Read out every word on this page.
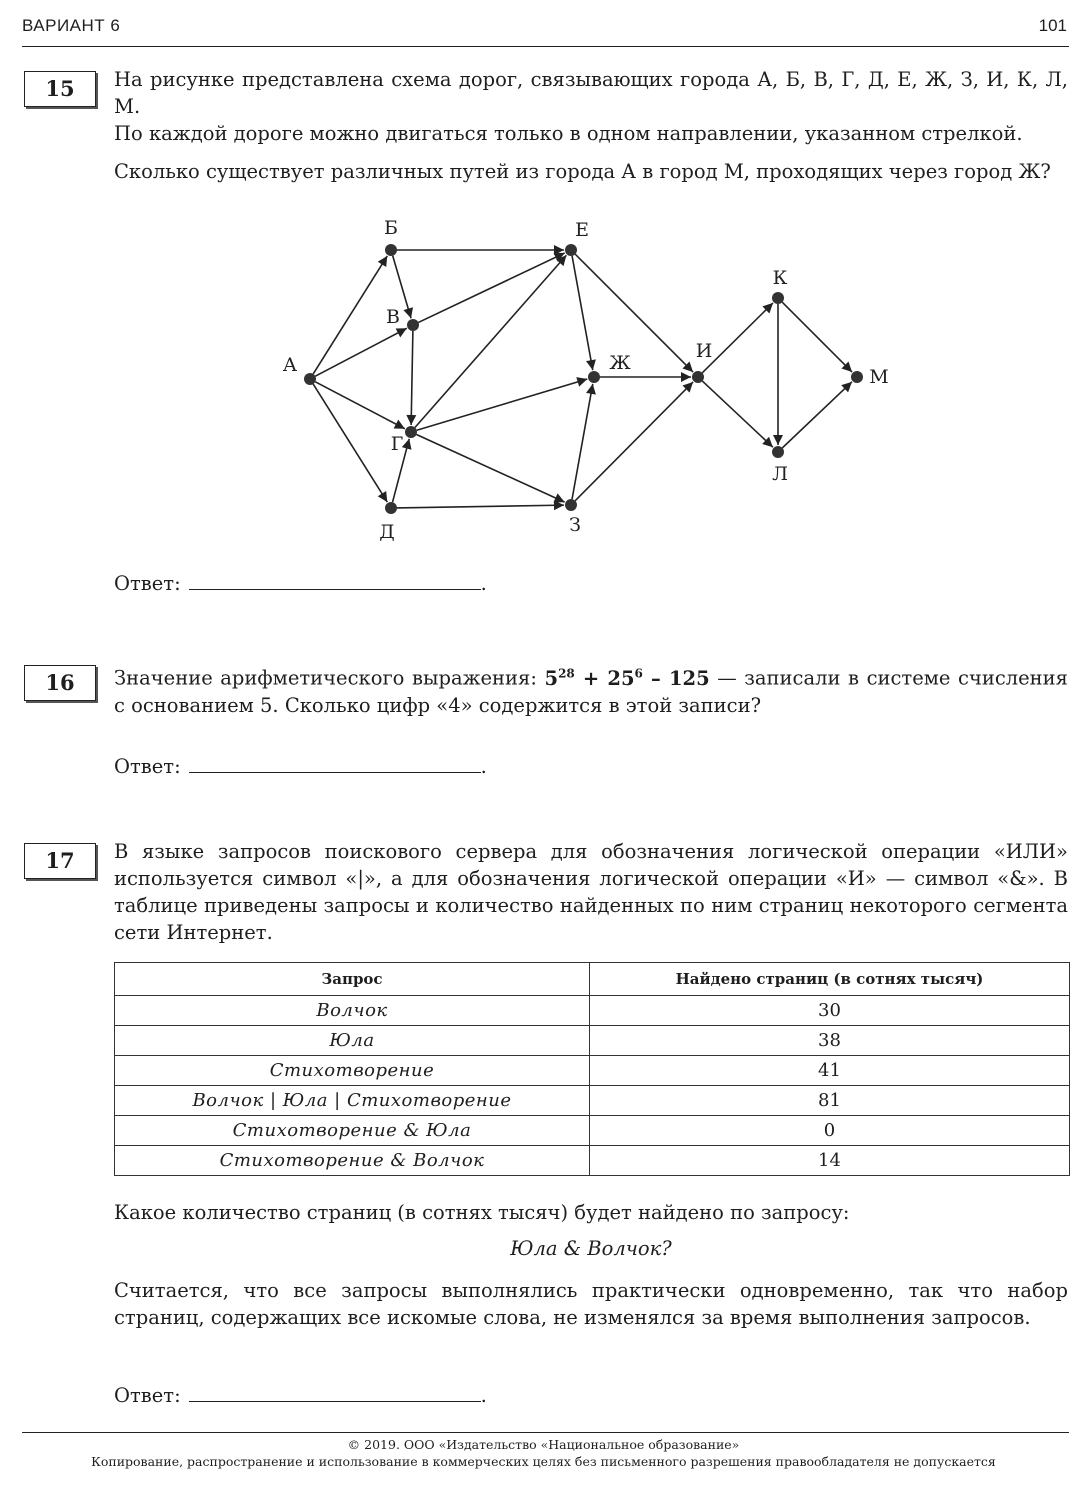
ВАРИАНТ 6	101
15	На рисунке представлена схема дорог, связывающих города А, Б, В, Г, Д, Е, Ж, З, И, К, Л, М.
По каждой дороге можно двигаться только в одном направлении, указанном стрелкой.
Сколько существует различных путей из города А в город М, проходящих через город Ж?
А
Б
В
Г
Д
Е
Ж
З
И
К
Л
М
Ответ:	.
16	Значение арифметического выражения: $5^{28} + 25^6 - 125$ — записали в системе счисления с основанием 5. Сколько цифр «4» содержится в этой записи?
Ответ:	.
17	В языке запросов поискового сервера для обозначения логической операции «ИЛИ» используется символ «|», а для обозначения логической операции «И» — символ «&». В таблице приведены запросы и количество найденных по ним страниц некоторого сегмента сети Интернет.
Запрос	Найдено страниц (в сотнях тысяч)
Волчок	30
Юла	38
Стихотворение	41
Волчок | Юла | Стихотворение	81
Стихотворение & Юла	0
Стихотворение & Волчок	14
Какое количество страниц (в сотнях тысяч) будет найдено по запросу:
Юла & Волчок?
Считается, что все запросы выполнялись практически одновременно, так что набор страниц, содержащих все искомые слова, не изменялся за время выполнения запросов.
Ответ:	.
© 2019. ООО «Издательство «Национальное образование»
Копирование, распространение и использование в коммерческих целях без письменного разрешения правообладателя не допускается
